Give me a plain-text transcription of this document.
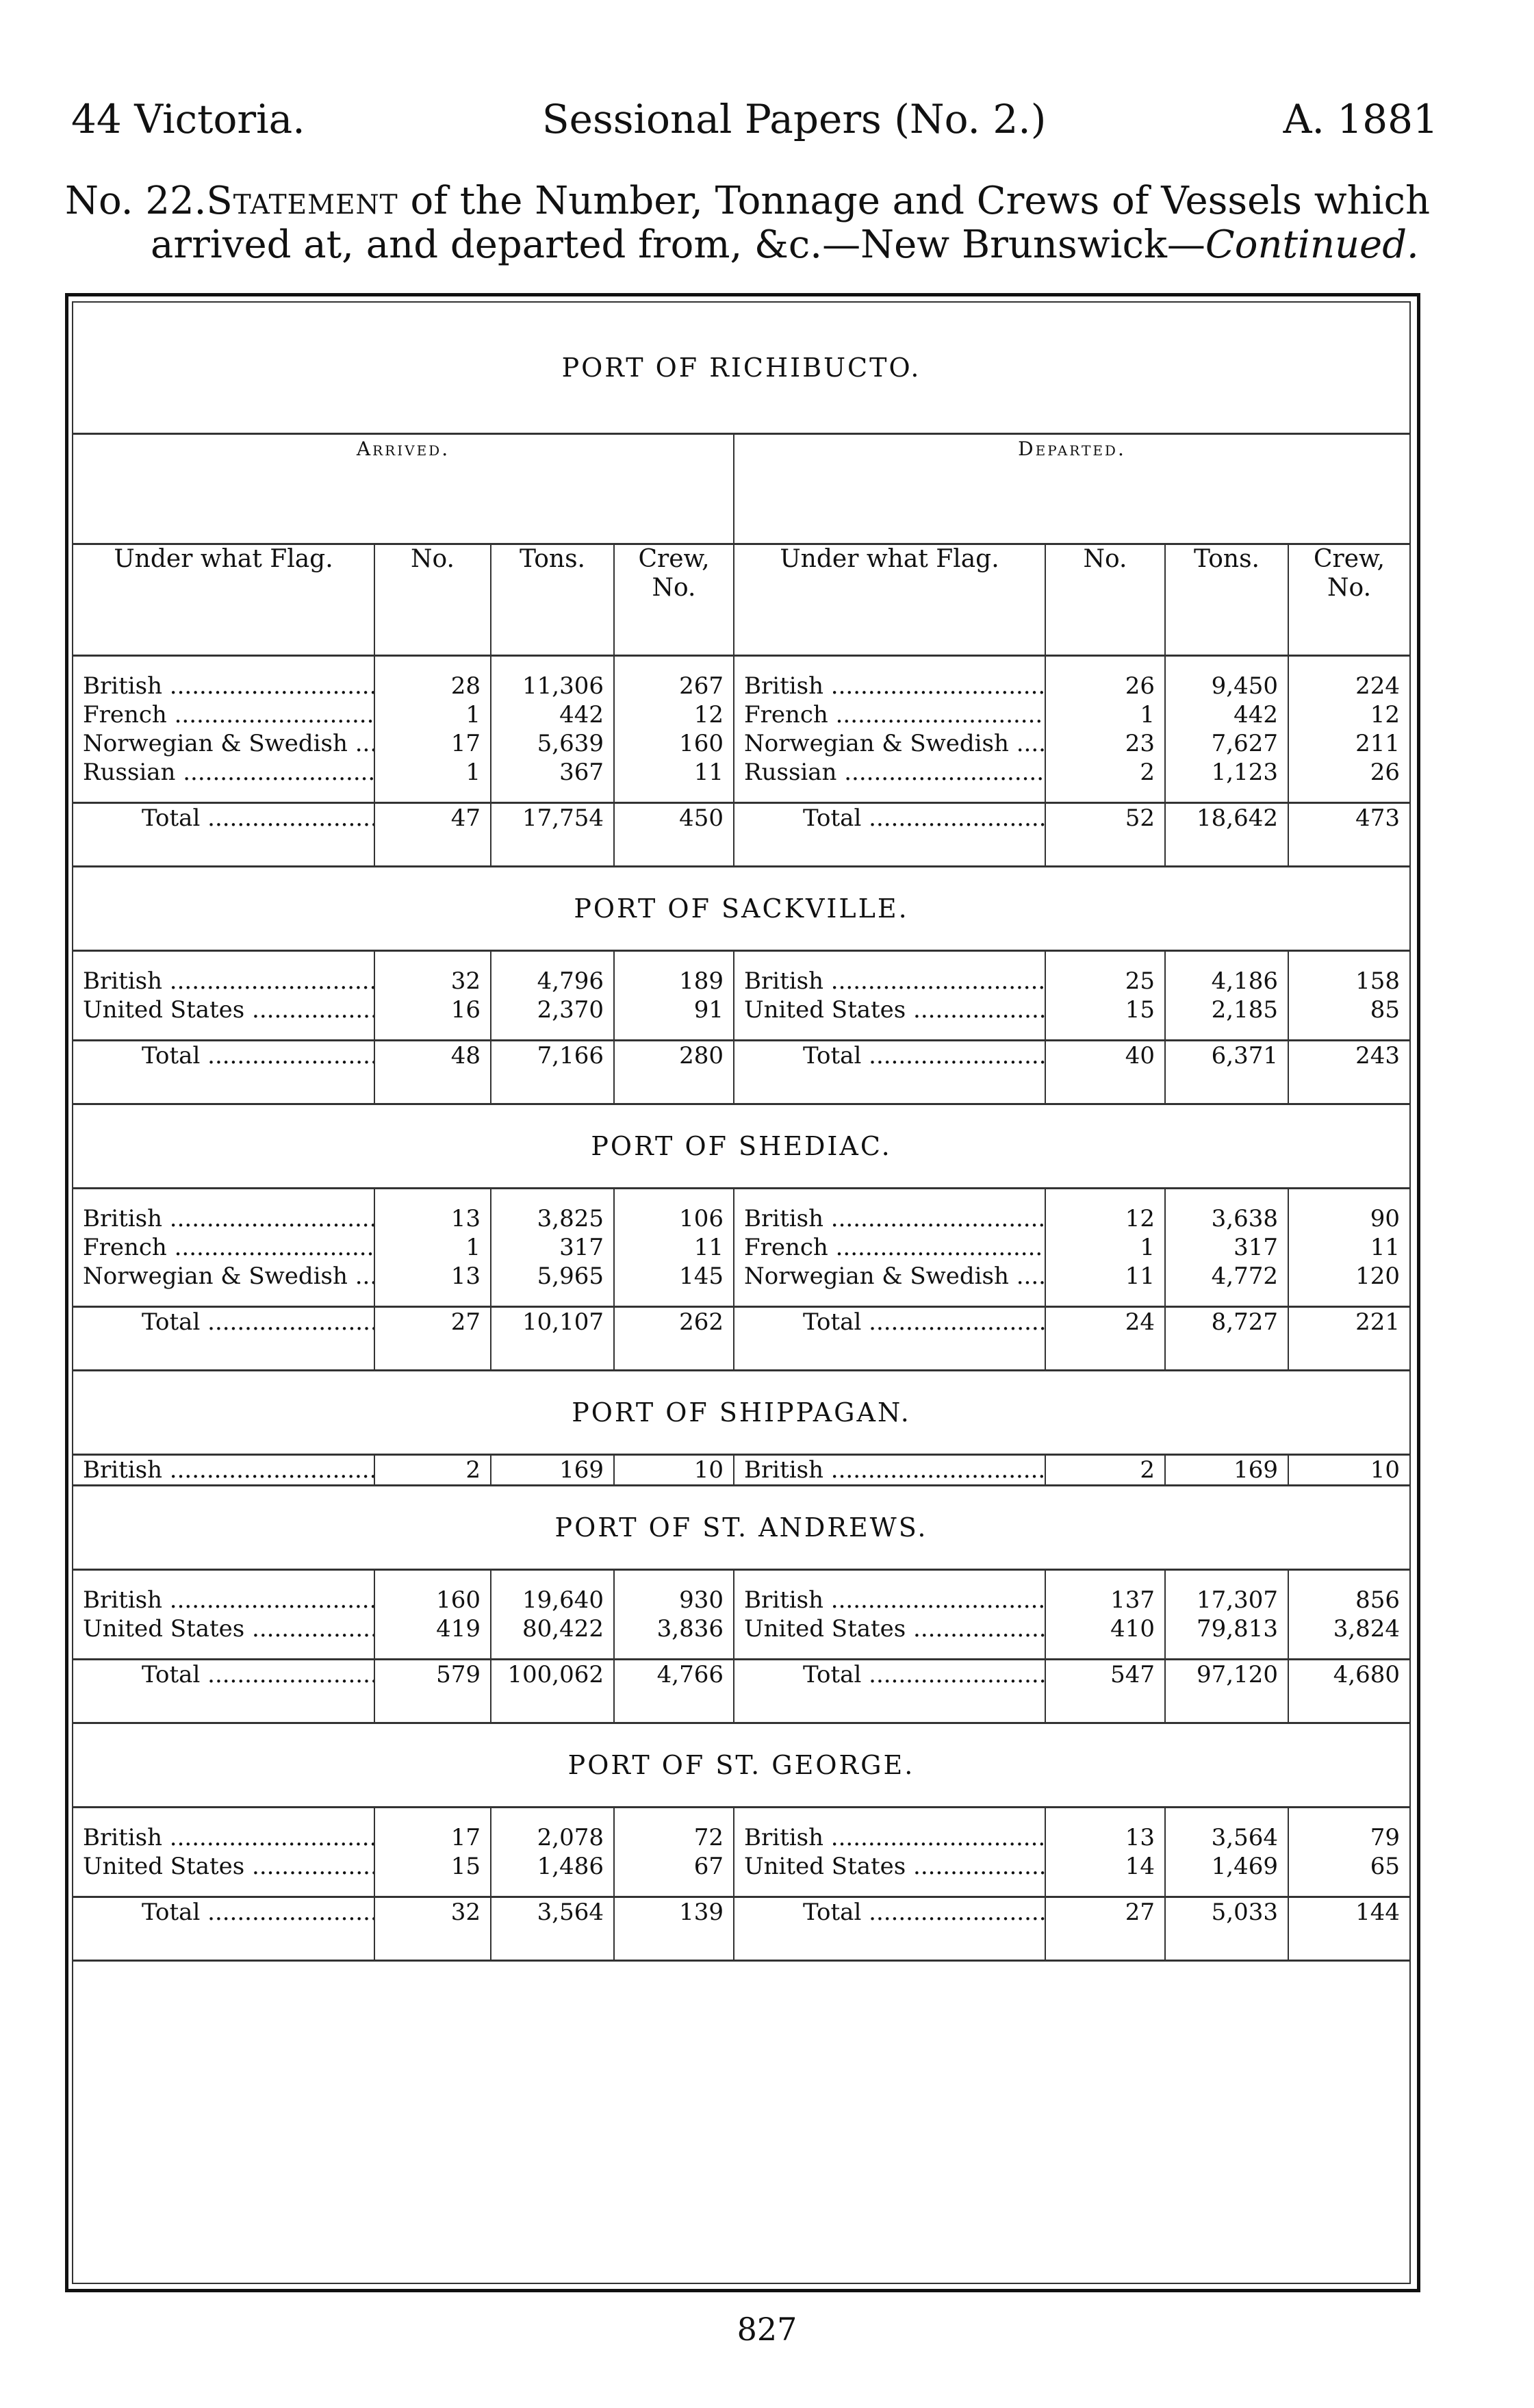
44 Victoria.	Sessional Papers (No. 2.)	A. 1881
No. 22.Statement of the Number, Tonnage and Crews of Vessels which
arrived at, and departed from, &c.—New Brunswick—Continued.
PORT OF RICHIBUCTO.							
Arrived.				Departed.			
Under what Flag.	No.	Tons.	Crew, No.	Under what Flag.	No.	Tons.	Crew, No.
British .....	28	11,306	267	British .....	26	9,450	224
French .....	1	442	12	French .....	1	442	12
Norwegian & Swedish .....	17	5,639	160	Norwegian & Swedish .....	23	7,627	211
Russian .....	1	367	11	Russian .....	2	1,123	26
Total .....	47	17,754	450	Total .....	52	18,642	473
PORT OF SACKVILLE.							
British .....	32	4,796	189	British .....	25	4,186	158
United States .....	16	2,370	91	United States .....	15	2,185	85
Total .....	48	7,166	280	Total .....	40	6,371	243
PORT OF SHEDIAC.							
British .....	13	3,825	106	British .....	12	3,638	90
French .....	1	317	11	French .....	1	317	11
Norwegian & Swedish .....	13	5,965	145	Norwegian & Swedish .....	11	4,772	120
Total .....	27	10,107	262	Total .....	24	8,727	221
PORT OF SHIPPAGAN.							
British .....	2	169	10	British .....	2	169	10
PORT OF ST. ANDREWS.							
British .....	160	19,640	930	British .....	137	17,307	856
United States .....	419	80,422	3,836	United States .....	410	79,813	3,824
Total .....	579	100,062	4,766	Total .....	547	97,120	4,680
PORT OF ST. GEORGE.							
British .....	17	2,078	72	British .....	13	3,564	79
United States .....	15	1,486	67	United States .....	14	1,469	65
Total .....	32	3,564	139	Total .....	27	5,033	144
827
